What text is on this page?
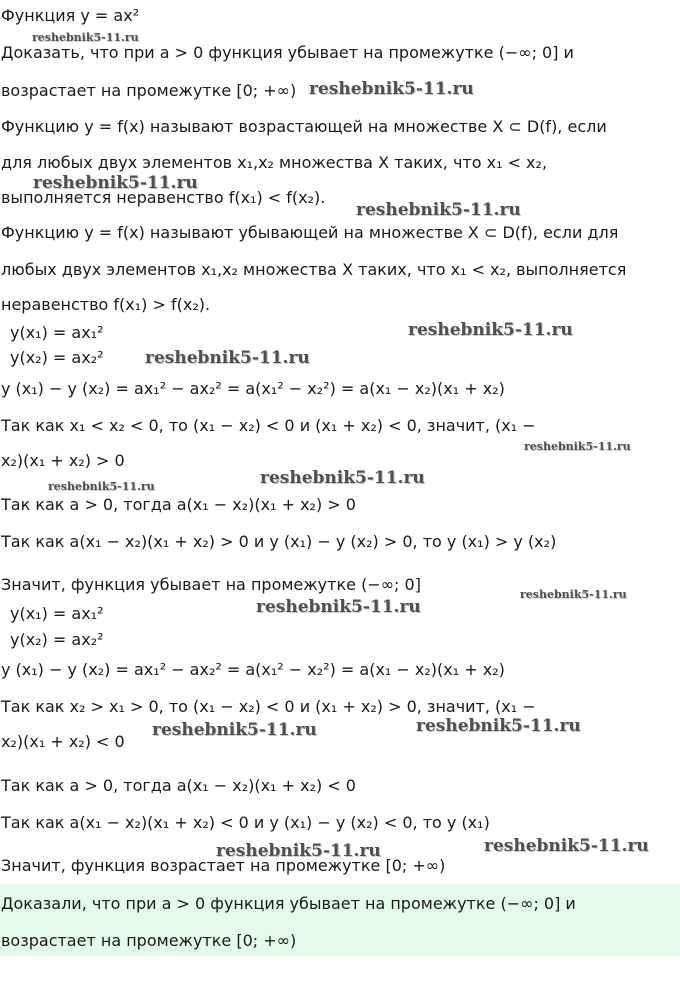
Функция y = ax²
Доказать, что при a > 0 функция убывает на промежутке (−∞; 0] и
возрастает на промежутке [0; +∞)
Функцию y = f(x) называют возрастающей на множестве X ⊂ D(f), если
для любых двух элементов x₁,x₂ множества X таких, что x₁ < x₂,
выполняется неравенство f(x₁) < f(x₂).
Функцию y = f(x) называют убывающей на множестве X ⊂ D(f), если для
любых двух элементов x₁,x₂ множества X таких, что x₁ < x₂, выполняется
неравенство f(x₁) > f(x₂).
y(x₁) = ax₁²
y(x₂) = ax₂²
y (x₁) − y (x₂) = ax₁² − ax₂² = a(x₁² − x₂²) = a(x₁ − x₂)(x₁ + x₂)
Так как x₁ < x₂ < 0, то (x₁ − x₂) < 0 и (x₁ + x₂) < 0, значит, (x₁ −
x₂)(x₁ + x₂) > 0
Так как a > 0, тогда a(x₁ − x₂)(x₁ + x₂) > 0
Так как a(x₁ − x₂)(x₁ + x₂) > 0 и y (x₁) − y (x₂) > 0, то y (x₁) > y (x₂)
Значит, функция убывает на промежутке (−∞; 0]
y(x₁) = ax₁²
y(x₂) = ax₂²
y (x₁) − y (x₂) = ax₁² − ax₂² = a(x₁² − x₂²) = a(x₁ − x₂)(x₁ + x₂)
Так как x₂ > x₁ > 0, то (x₁ − x₂) < 0 и (x₁ + x₂) > 0, значит, (x₁ −
x₂)(x₁ + x₂) < 0
Так как a > 0, тогда a(x₁ − x₂)(x₁ + x₂) < 0
Так как a(x₁ − x₂)(x₁ + x₂) < 0 и y (x₁) − y (x₂) < 0, то y (x₁)
Значит, функция возрастает на промежутке [0; +∞)
Доказали, что при a > 0 функция убывает на промежутке (−∞; 0] и
возрастает на промежутке [0; +∞)
reshebnik5-11.ru
reshebnik5-11.ru
reshebnik5-11.ru
reshebnik5-11.ru
reshebnik5-11.ru
reshebnik5-11.ru
reshebnik5-11.ru
reshebnik5-11.ru
reshebnik5-11.ru
reshebnik5-11.ru
reshebnik5-11.ru
reshebnik5-11.ru	reshebnik5-11.ru
reshebnik5-11.ru
reshebnik5-11.ru
